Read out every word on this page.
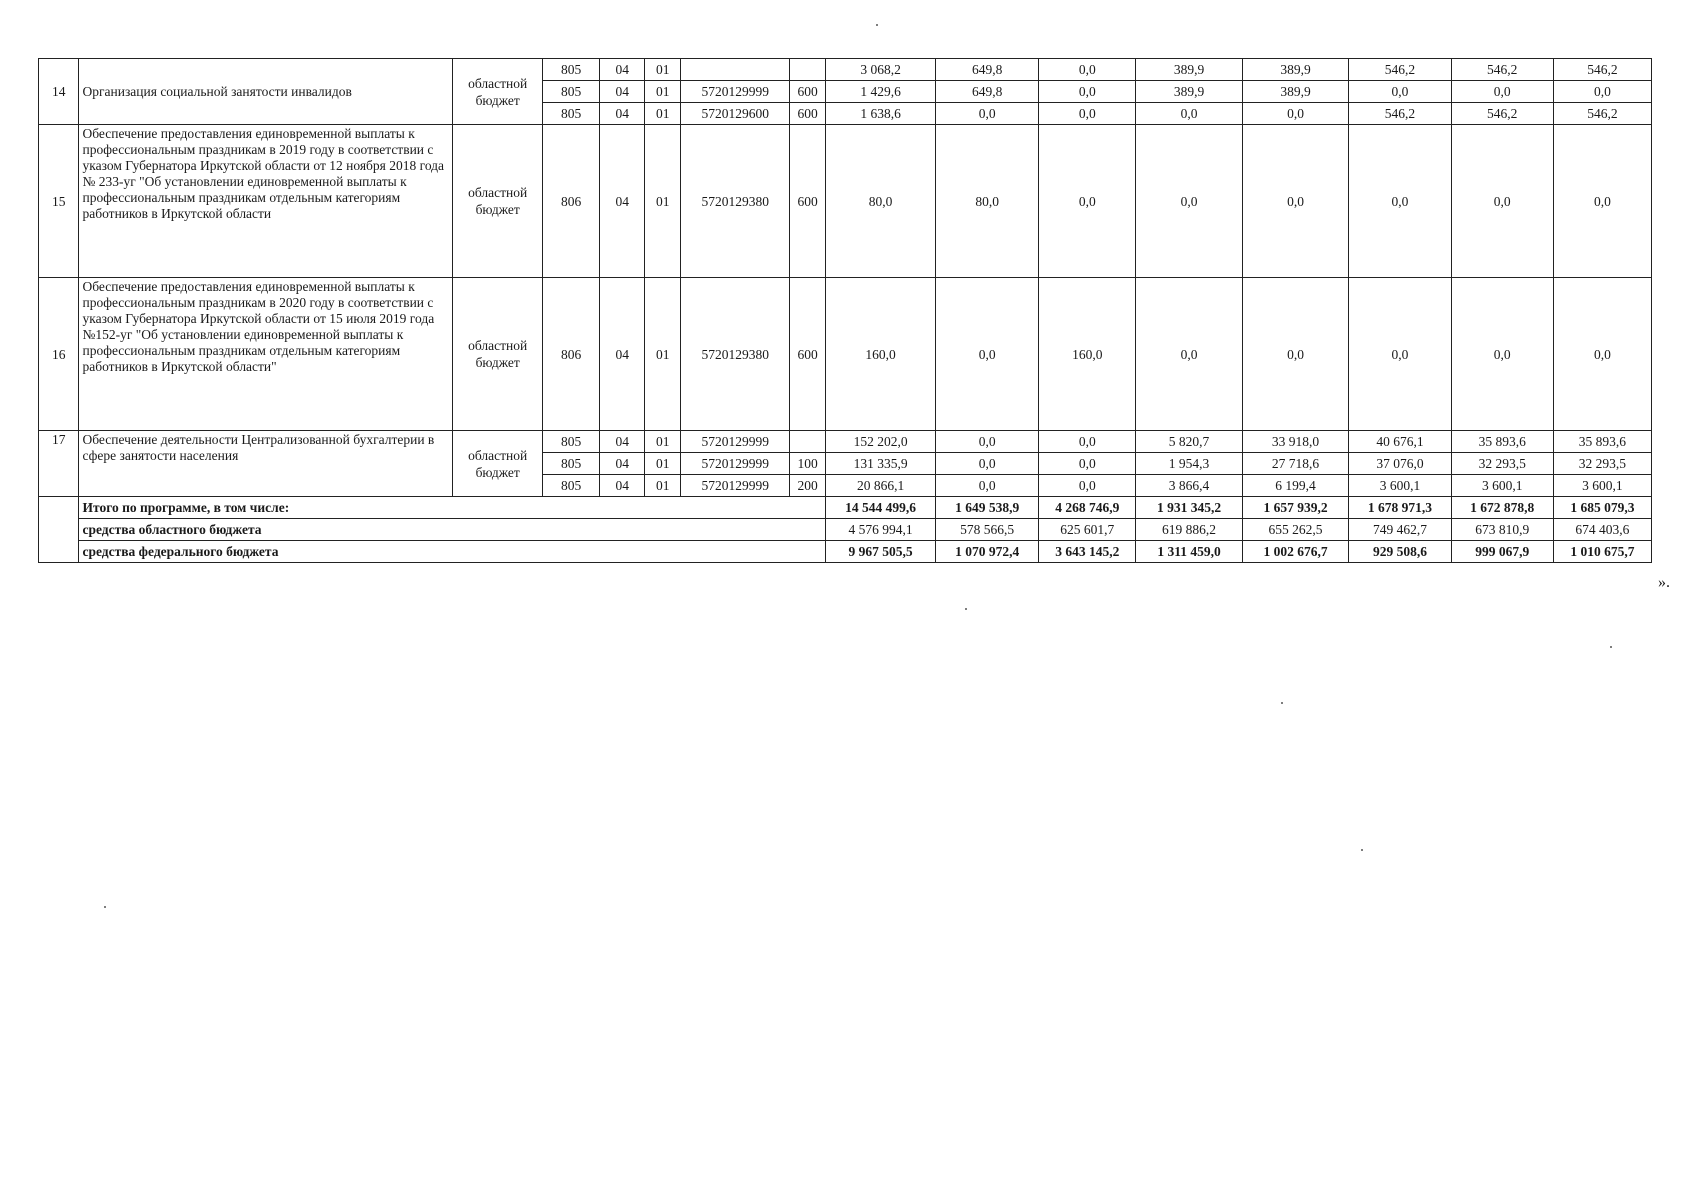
14	Организация социальной занятости инвалидов	областной бюджет	805	04	01			3 068,2	649,8	0,0	389,9	389,9	546,2	546,2	546,2
			805	04	01	5720129999	600	1 429,6	649,8	0,0	389,9	389,9	0,0	0,0	0,0
			805	04	01	5720129600	600	1 638,6	0,0	0,0	0,0	0,0	546,2	546,2	546,2
15	Обеспечение предоставления единовременной выплаты к профессиональным праздникам в 2019 году в соответствии с указом Губернатора Иркутской области от 12 ноября 2018 года № 233-уг "Об установлении единовременной выплаты к профессиональным праздникам отдельным категориям работников в Иркутской области	областной бюджет	806	04	01	5720129380	600	80,0	80,0	0,0	0,0	0,0	0,0	0,0	0,0
16	Обеспечение предоставления единовременной выплаты к профессиональным праздникам в 2020 году в соответствии с указом Губернатора Иркутской области от 15 июля 2019 года №152-уг "Об установлении единовременной выплаты к профессиональным праздникам отдельным категориям работников в Иркутской области"	областной бюджет	806	04	01	5720129380	600	160,0	0,0	160,0	0,0	0,0	0,0	0,0	0,0
17	Обеспечение деятельности Централизованной бухгалтерии в сфере занятости населения	областной бюджет	805	04	01	5720129999		152 202,0	0,0	0,0	5 820,7	33 918,0	40 676,1	35 893,6	35 893,6
			805	04	01	5720129999	100	131 335,9	0,0	0,0	1 954,3	27 718,6	37 076,0	32 293,5	32 293,5
			805	04	01	5720129999	200	20 866,1	0,0	0,0	3 866,4	6 199,4	3 600,1	3 600,1	3 600,1
	Итого по программе, в том числе:							14 544 499,6	1 649 538,9	4 268 746,9	1 931 345,2	1 657 939,2	1 678 971,3	1 672 878,8	1 685 079,3
	средства областного бюджета							4 576 994,1	578 566,5	625 601,7	619 886,2	655 262,5	749 462,7	673 810,9	674 403,6
	средства федерального бюджета							9 967 505,5	1 070 972,4	3 643 145,2	1 311 459,0	1 002 676,7	929 508,6	999 067,9	1 010 675,7
».
